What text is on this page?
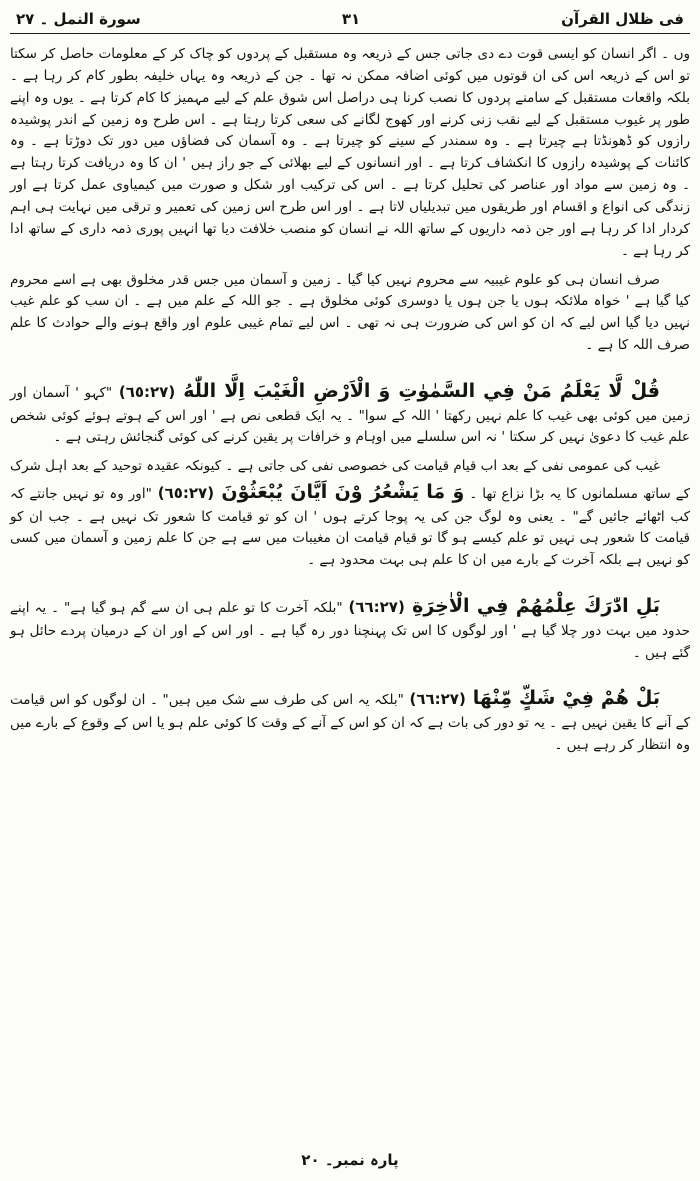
فی ظلال القرآن
۳۱
سورة النمل ۔ ۲۷

وں ۔ اگر انسان کو ایسی قوت دے دی جاتی جس کے ذریعہ وہ مستقبل کے پردوں کو چاک کر کے معلومات حاصل کر سکتا تو اس کے ذریعہ اس کی ان قوتوں میں کوئی اضافہ ممکن نہ تھا ۔ جن کے ذریعہ وہ یہاں خلیفہ بطور کام کر رہا ہے ۔ بلکہ واقعات مستقبل کے سامنے پردوں کا نصب کرنا ہی دراصل اس شوق علم کے لیے مہمیز کا کام کرتا ہے ۔ یوں وہ اپنے طور پر غیوب مستقبل کے لیے نقب زنی کرنے اور کھوج لگانے کی سعی کرتا رہتا ہے ۔ اس طرح وہ زمین کے اندر پوشیدہ رازوں کو ڈھونڈتا ہے چیرتا ہے ۔ وہ سمندر کے سینے کو چیرتا ہے ۔ وہ آسمان کی فضاؤں میں دور تک دوڑتا ہے ۔ وہ کائنات کے پوشیدہ رازوں کا انکشاف کرتا ہے ۔ اور انسانوں کے لیے بھلائی کے جو راز ہیں ' ان کا وہ دریافت کرتا رہتا ہے ۔ وہ زمین سے مواد اور عناصر کی تحلیل کرتا ہے ۔ اس کی ترکیب اور شکل و صورت میں کیمیاوی عمل کرتا ہے اور زندگی کی انواع و اقسام اور طریقوں میں تبدیلیاں لاتا ہے ۔ اور اس طرح اس زمین کی تعمیر و ترقی میں نہایت ہی اہم کردار ادا کر رہا ہے اور جن ذمہ داریوں کے ساتھ اللہ نے انسان کو منصب خلافت دیا تھا انہیں پوری ذمہ داری کے ساتھ ادا کر رہا ہے ۔

صرف انسان ہی کو علوم غیبیہ سے محروم نہیں کیا گیا ۔ زمین و آسمان میں جس قدر مخلوق بھی ہے اسے محروم کیا گیا ہے ' خواہ ملائکہ ہوں یا جن ہوں یا دوسری کوئی مخلوق ہے ۔ جو اللہ کے علم میں ہے ۔ ان سب کو علم غیب نہیں دیا گیا اس لیے کہ ان کو اس کی ضرورت ہی نہ تھی ۔ اس لیے تمام غیبی علوم اور واقع ہونے والے حوادث کا علم صرف اللہ کا ہے ۔

قُلْ لَّا يَعْلَمُ مَنْ فِي السَّمٰوٰتِ وَ الْاَرْضِ الْغَيْبَ اِلَّا اللّٰهُ (٦٥:٢٧) "کہو ' آسمان اور زمین میں کوئی بھی غیب کا علم نہیں رکھتا ' اللہ کے سوا" ۔ یہ ایک قطعی نص ہے ' اور اس کے ہوتے ہوئے کوئی شخص علم غیب کا دعویٰ نہیں کر سکتا ' نہ اس سلسلے میں اوہام و خرافات پر یقین کرنے کی کوئی گنجائش رہتی ہے ۔

غیب کی عمومی نفی کے بعد اب قیام قیامت کی خصوصی نفی کی جاتی ہے ۔ کیونکہ عقیدہ توحید کے بعد اہل شرک کے ساتھ مسلمانوں کا یہ بڑا نزاع تھا ۔ وَ مَا يَشْعُرُ وْنَ اَيَّانَ يُبْعَثُوْنَ (٦٥:٢٧) "اور وہ تو نہیں جانتے کہ کب اٹھائے جائیں گے" ۔ یعنی وہ لوگ جن کی یہ پوجا کرتے ہوں ' ان کو تو قیامت کا شعور تک نہیں ہے ۔ جب ان کو قیامت کا شعور ہی نہیں تو علم کیسے ہو گا تو قیام قیامت ان مغیبات میں سے ہے جن کا علم زمین و آسمان میں کسی کو نہیں ہے بلکہ آخرت کے بارے میں ان کا علم ہی بہت محدود ہے ۔

بَلِ ادّٰرَكَ عِلْمُهُمْ فِي الْاٰخِرَةِ (٦٦:٢٧) "بلکہ آخرت کا تو علم ہی ان سے گم ہو گیا ہے" ۔ یہ اپنے حدود میں بہت دور چلا گیا ہے ' اور لوگوں کا اس تک پہنچنا دور رہ گیا ہے ۔ اور اس کے اور ان کے درمیان پردے حائل ہو گئے ہیں ۔

بَلْ هُمْ فِيْ شَكٍّ مِّنْهَا (٦٦:٢٧) "بلکہ یہ اس کی طرف سے شک میں ہیں" ۔ ان لوگوں کو اس قیامت کے آنے کا یقین نہیں ہے ۔ یہ تو دور کی بات ہے کہ ان کو اس کے آنے کے وقت کا کوئی علم ہو یا اس کے وقوع کے بارے میں وہ انتظار کر رہے ہیں ۔

پارہ نمبر۔ ۲۰
